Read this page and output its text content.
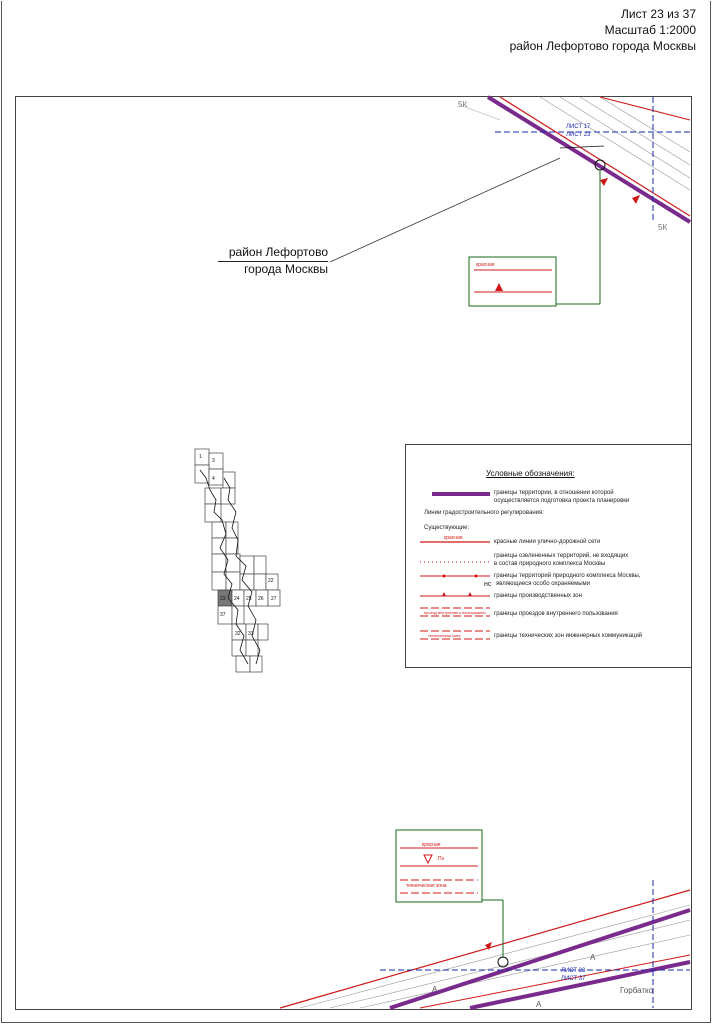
Лист 23 из 37
Масштаб 1:2000
район Лефортово города Москвы
красная
красная
Пз
техническая зона
ЛИСТ 17
ЛИСТ 23
ЛИСТ 23
ЛИСТ 37
5К
5К
А
А
А
Горбатко
район Лефортово
города Москвы
1
3
4
22
27
23 24 25 26
32 33
37
Условные обозначения:
границы территории, в отношении которой
осуществляется подготовка проекта планировки
Линии градостроительного регулирования:
Существующие:
красная
красные линии улично-дорожной сети
границы озелененных территорий, не входящих
в состав природного комплекса Москвы
границы территорий природного комплекса Москвы,
нс являющиеся особо охраняемыми
границы производственных зон
проезд внутреннего пользования границы проездов внутреннего пользования
техническая зона	границы технических зон инженерных коммуникаций
